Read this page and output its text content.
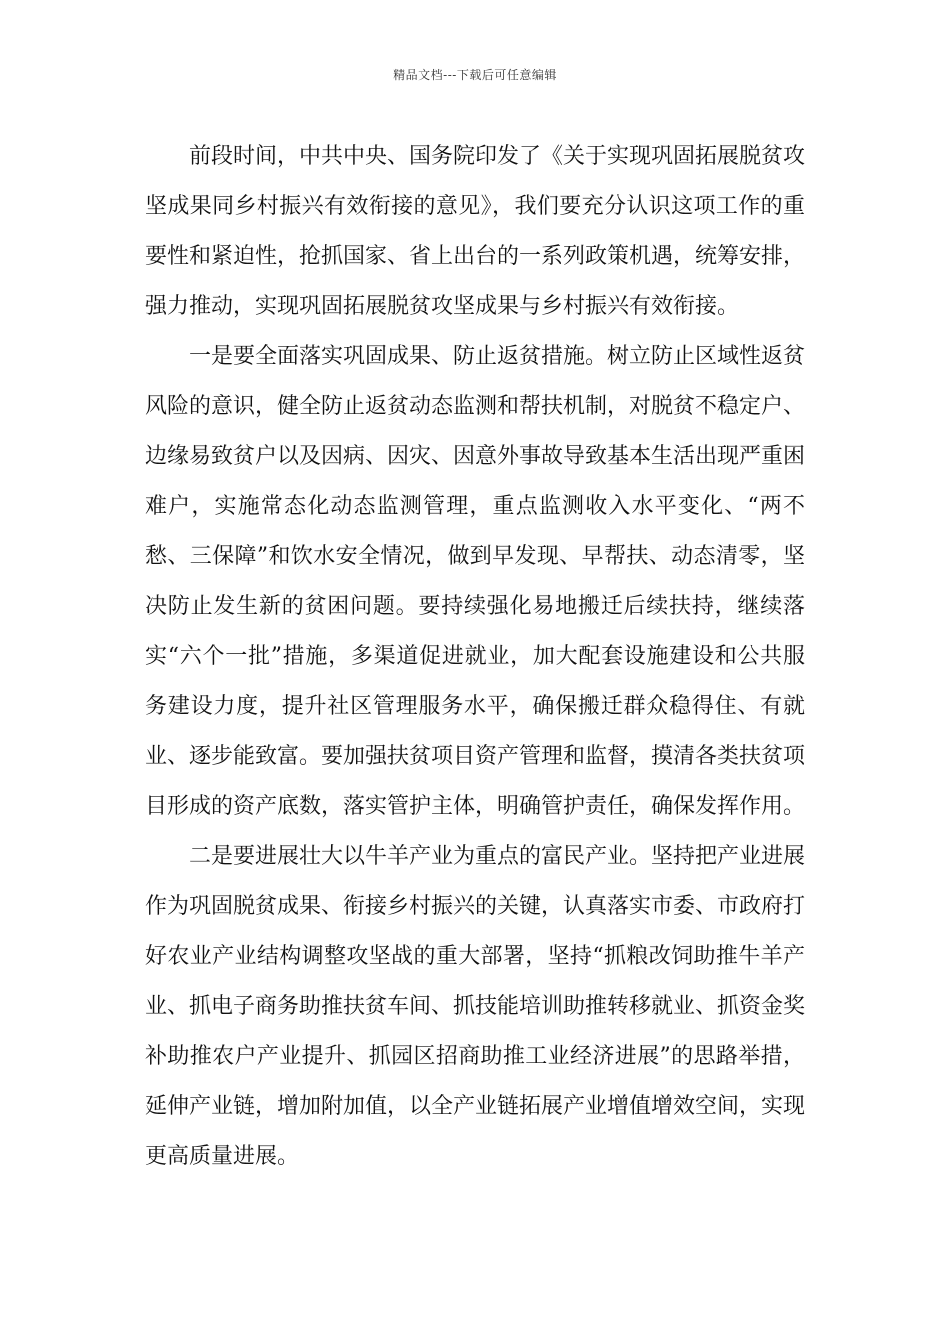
精品文档---下载后可任意编辑

前段时间，中共中央、国务院印发了《关于实现巩固拓展脱贫攻坚成果同乡村振兴有效衔接的意见》，我们要充分认识这项工作的重要性和紧迫性，抢抓国家、省上出台的一系列政策机遇，统筹安排，强力推动，实现巩固拓展脱贫攻坚成果与乡村振兴有效衔接。

一是要全面落实巩固成果、防止返贫措施。树立防止区域性返贫风险的意识，健全防止返贫动态监测和帮扶机制，对脱贫不稳定户、边缘易致贫户以及因病、因灾、因意外事故导致基本生活出现严重困难户，实施常态化动态监测管理，重点监测收入水平变化、“两不愁、三保障”和饮水安全情况，做到早发现、早帮扶、动态清零，坚决防止发生新的贫困问题。要持续强化易地搬迁后续扶持，继续落实“六个一批”措施，多渠道促进就业，加大配套设施建设和公共服务建设力度，提升社区管理服务水平，确保搬迁群众稳得住、有就业、逐步能致富。要加强扶贫项目资产管理和监督，摸清各类扶贫项目形成的资产底数，落实管护主体，明确管护责任，确保发挥作用。

二是要进展壮大以牛羊产业为重点的富民产业。坚持把产业进展作为巩固脱贫成果、衔接乡村振兴的关键，认真落实市委、市政府打好农业产业结构调整攻坚战的重大部署，坚持“抓粮改饲助推牛羊产业、抓电子商务助推扶贫车间、抓技能培训助推转移就业、抓资金奖补助推农户产业提升、抓园区招商助推工业经济进展”的思路举措，延伸产业链，增加附加值，以全产业链拓展产业增值增效空间，实现更高质量进展。
